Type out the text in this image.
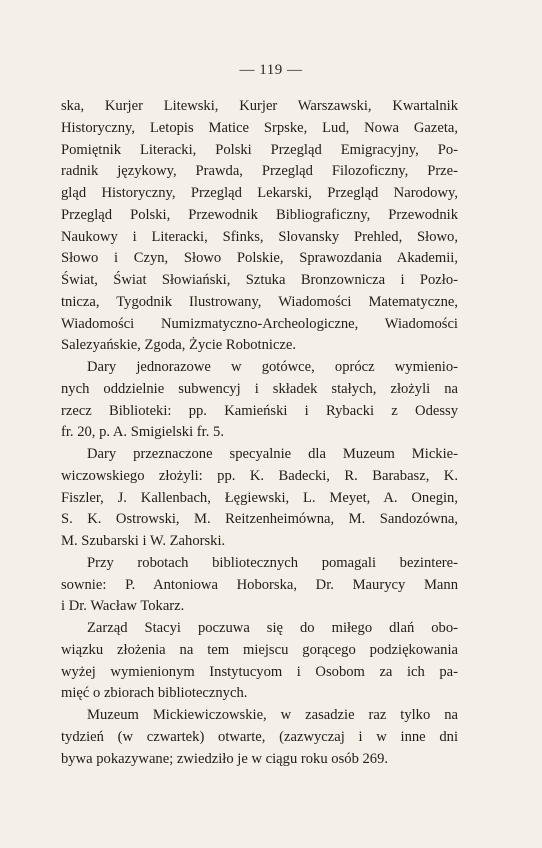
— 119 —

ska, Kurjer Litewski, Kurjer Warszawski, Kwartalnik
Historyczny, Letopis Matice Srpske, Lud, Nowa Gazeta,
Pomiętnik Literacki, Polski Przegląd Emigracyjny, Po-
radnik językowy, Prawda, Przegląd Filozoficzny, Prze-
gląd Historyczny, Przegląd Lekarski, Przegląd Narodowy,
Przegląd Polski, Przewodnik Bibliograficzny, Przewodnik
Naukowy i Literacki, Sfinks, Slovansky Prehled, Słowo,
Słowo i Czyn, Słowo Polskie, Sprawozdania Akademii,
Świat, Świat Słowiański, Sztuka Bronzownicza i Pozło-
tnicza, Tygodnik Ilustrowany, Wiadomości Matematyczne,
Wiadomości Numizmatyczno-Archeologiczne, Wiadomości
Salezyańskie, Zgoda, Życie Robotnicze.

Dary jednorazowe w gotówce, oprócz wymienio-
nych oddzielnie subwencyj i składek stałych, złożyli na
rzecz Biblioteki: pp. Kamieński i Rybacki z Odessy
fr. 20, p. A. Smigielski fr. 5.

Dary przeznaczone specyalnie dla Muzeum Mickie-
wiczowskiego złożyli: pp. K. Badecki, R. Barabasz, K.
Fiszler, J. Kallenbach, Łęgiewski, L. Meyet, A. Onegin,
S. K. Ostrowski, M. Reitzenheimówna, M. Sandozówna,
M. Szubarski i W. Zahorski.

Przy robotach bibliotecznych pomagali bezintere-
sownie: P. Antoniowa Hoborska, Dr. Maurycy Mann
i Dr. Wacław Tokarz.

Zarząd Stacyi poczuwa się do miłego dlań obo-
wiązku złożenia na tem miejscu gorącego podziękowania
wyżej wymienionym Instytucyom i Osobom za ich pa-
mięć o zbiorach bibliotecznych.

Muzeum Mickiewiczowskie, w zasadzie raz tylko na
tydzień (w czwartek) otwarte, (zazwyczaj i w inne dni
bywa pokazywane; zwiedziło je w ciągu roku osób 269.
